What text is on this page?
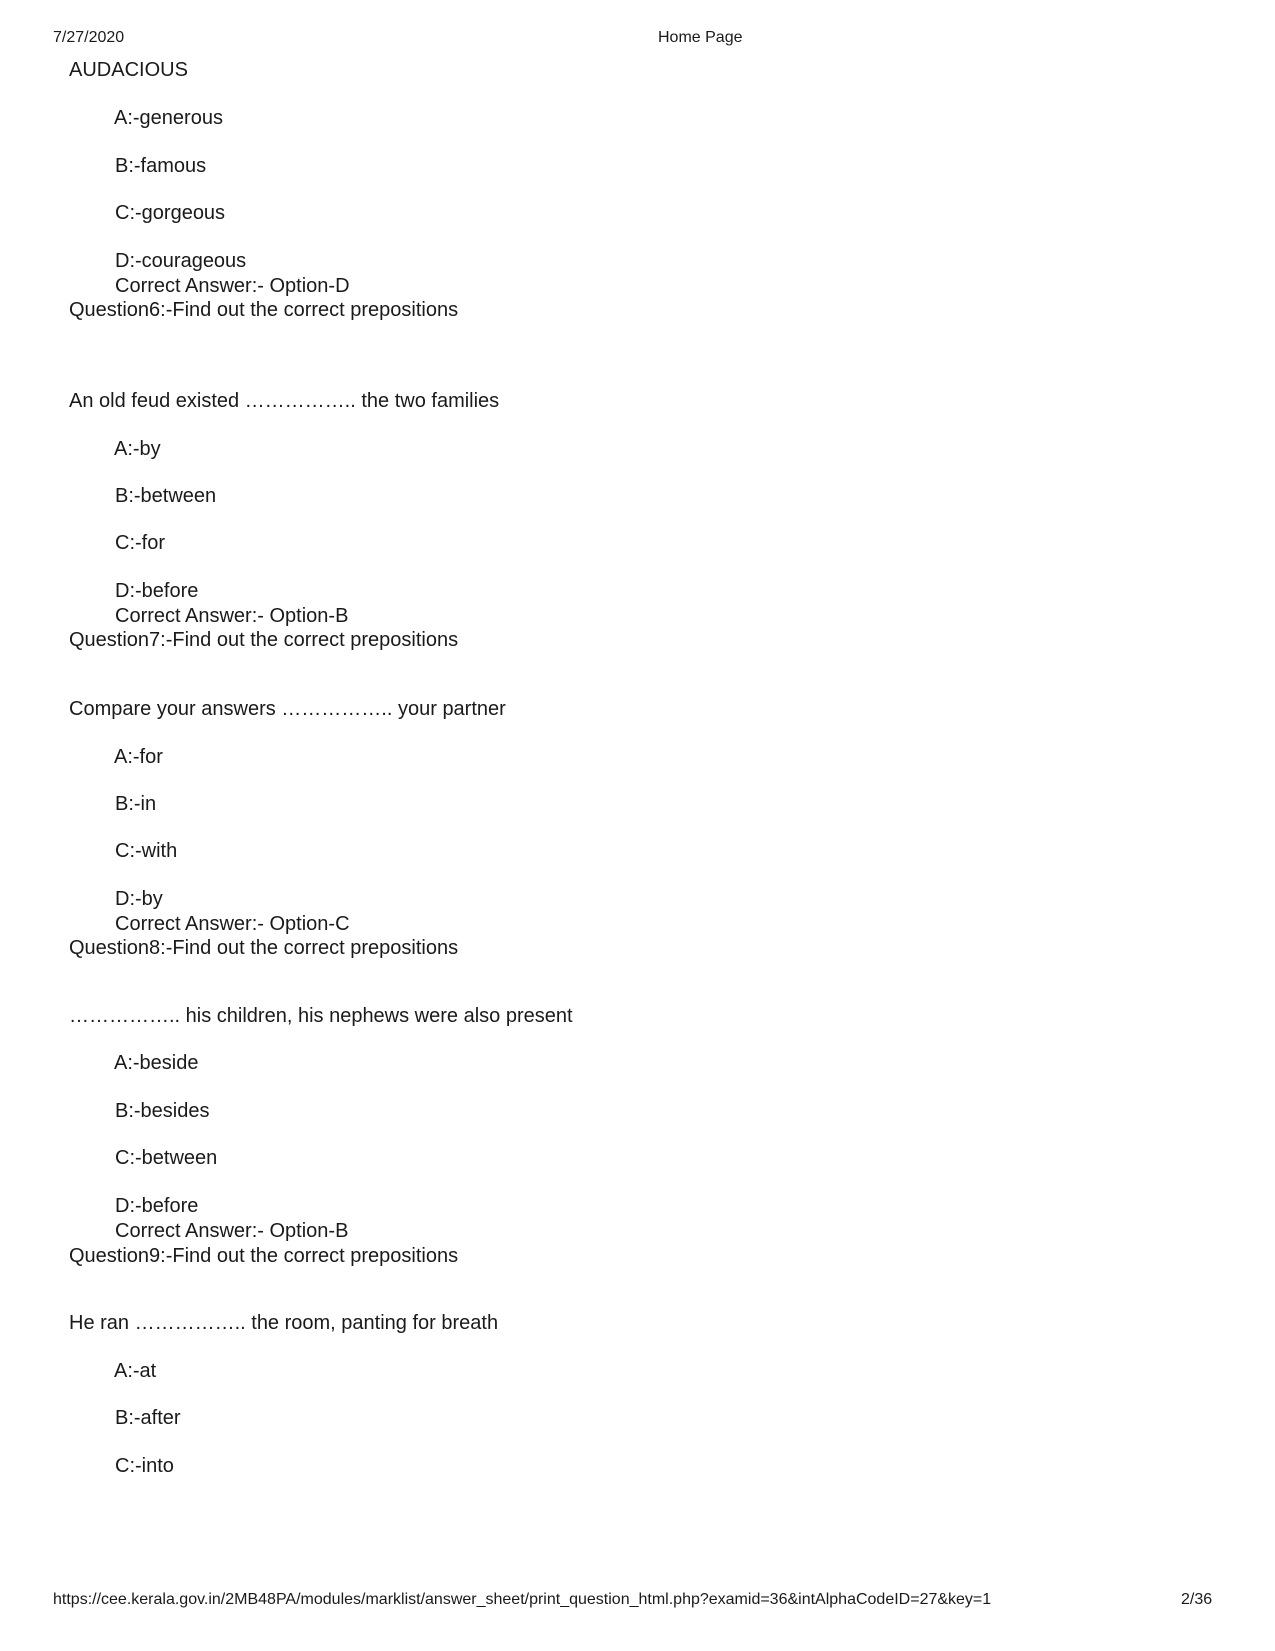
7/27/2020	Home Page
AUDACIOUS
A:-generous
B:-famous
C:-gorgeous
D:-courageous
Correct Answer:- Option-D
Question6:-Find out the correct prepositions
An old feud existed …………….. the two families
A:-by
B:-between
C:-for
D:-before
Correct Answer:- Option-B
Question7:-Find out the correct prepositions
Compare your answers …………….. your partner
A:-for
B:-in
C:-with
D:-by
Correct Answer:- Option-C
Question8:-Find out the correct prepositions
…………….. his children, his nephews were also present
A:-beside
B:-besides
C:-between
D:-before
Correct Answer:- Option-B
Question9:-Find out the correct prepositions
He ran …………….. the room, panting for breath
A:-at
B:-after
C:-into
https://cee.kerala.gov.in/2MB48PA/modules/marklist/answer_sheet/print_question_html.php?examid=36&intAlphaCodeID=27&key=1	2/36
